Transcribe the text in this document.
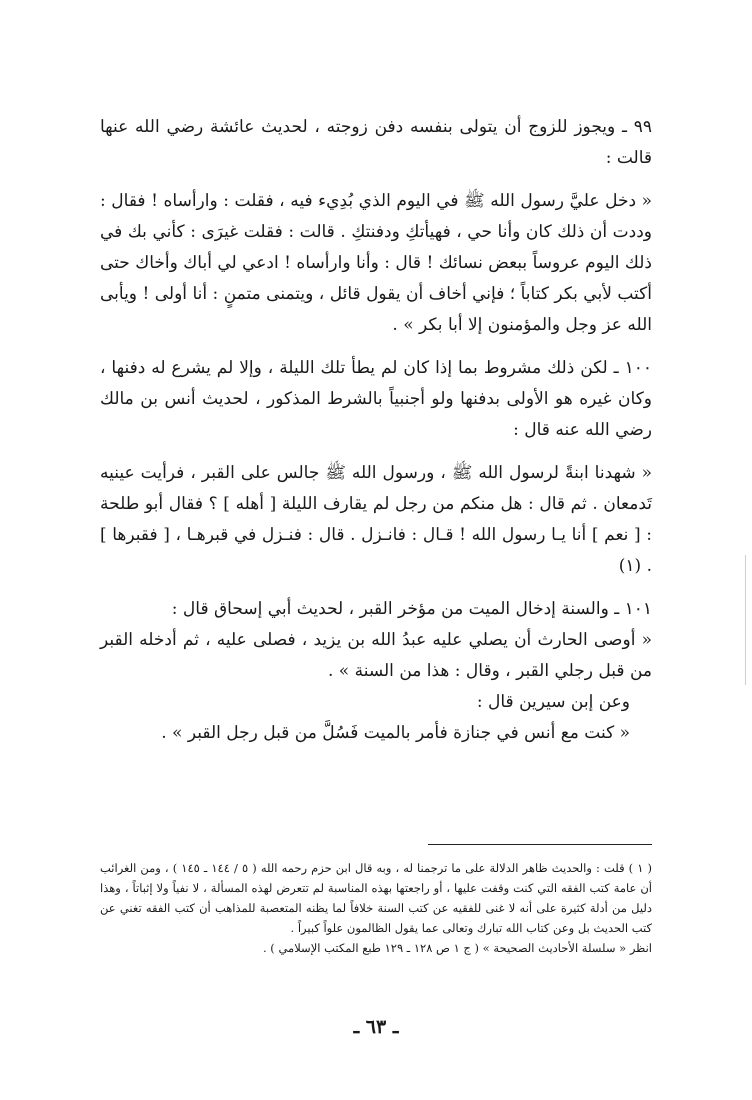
٩٩ ـ ويجوز للزوج أن يتولى بنفسه دفن زوجته ، لحديث عائشة رضي الله عنها قالت :

« دخل عليَّ رسول الله ﷺ في اليوم الذي بُدِيء فيه ، فقلت : وارأساه ! فقال : وددت أن ذلك كان وأنا حي ، فهيأتكِ ودفنتكِ . قالت : فقلت غيرَى : كأني بك في ذلك اليوم عروساً ببعض نسائك ! قال : وأنا وارأساه ! ادعي لي أباك وأخاك حتى أكتب لأبي بكر كتاباً ؛ فإني أخاف أن يقول قائل ، ويتمنى متمنٍ : أنا أولى ! ويأبى الله عز وجل والمؤمنون إلا أبا بكر » .

١٠٠ ـ لكن ذلك مشروط بما إذا كان لم يطأ تلك الليلة ، وإلا لم يشرع له دفنها ، وكان غيره هو الأولى بدفنها ولو أجنبياً بالشرط المذكور ، لحديث أنس بن مالك رضي الله عنه قال :

« شهدنا ابنةً لرسول الله ﷺ ، ورسول الله ﷺ جالس على القبر ، فرأيت عينيه تَدمعان . ثم قال : هل منكم من رجل لم يقارف الليلة [ أهله ] ؟ فقال أبو طلحة : [ نعم ] أنا يـا رسول الله ! قـال : فانـزل . قال : فنـزل في قبرهـا ، [ فقبرها ] . (١)

١٠١ ـ والسنة إدخال الميت من مؤخر القبر ، لحديث أبي إسحاق قال :

« أوصى الحارث أن يصلي عليه عبدُ الله بن يزيد ، فصلى عليه ، ثم أدخله القبر من قبل رجلي القبر ، وقال : هذا من السنة » .

وعن إبن سيرين قال :

« كنت مع أنس في جنازة فأمر بالميت فَسُلَّ من قبل رجل القبر » .

( ١ ) قلت : والحديث ظاهر الدلالة على ما ترجمنا له ، وبه قال ابن حزم رحمه الله ( ٥ / ١٤٤ ـ ١٤٥ ) ، ومن الغرائب أن عامة كتب الفقه التي كنت وقفت عليها ، أو راجعتها بهذه المناسبة لم تتعرض لهذه المسألة ، لا نفياً ولا إثباتاً ، وهذا دليل من أدلة كثيرة على أنه لا غنى للفقيه عن كتب السنة خلافاً لما يظنه المتعصبة للمذاهب أن كتب الفقه تغني عن كتب الحديث بل وعن كتاب الله تبارك وتعالى عما يقول الظالمون علواً كبيراً .

انظر « سلسلة الأحاديث الصحيحة » ( ج ١ ص ١٢٨ ـ ١٢٩ طبع المكتب الإسلامي ) .

ـ ٦٣ ـ
